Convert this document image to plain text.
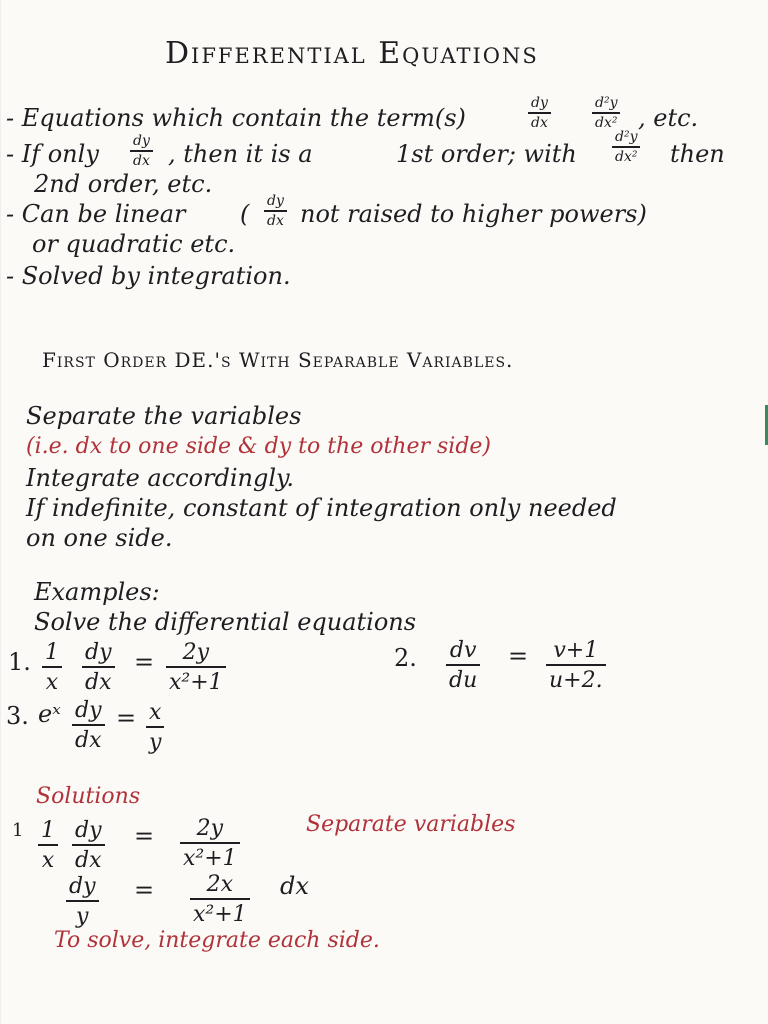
Differential Equations
- Equations which contain the term(s)
dy
dx
d²y
dx² , etc.
- If only dy
dx , then it is a	1st order; with
d²y
dx² then
2nd order, etc.
- Can be linear ( dy
dx not raised to higher powers)
or quadratic etc.
- Solved by integration.
First Order DE.'s With Separable Variables.
Separate the variables
(i.e. dx to one side & dy to the other side)
Integrate accordingly.
If indefinite, constant of integration only needed
on one side.
Examples:
Solve the differential equations
1. 1
x
dy
dx
= 2y
x²+1
2. dv
du
= v+1
u+2.
3. eˣ dy
dx
= x
y
Solutions
1 1
x
dy
dx
= 2y
x²+1
Separate variables
dy
y
= 2x
x²+1
dx
To solve, integrate each side.
